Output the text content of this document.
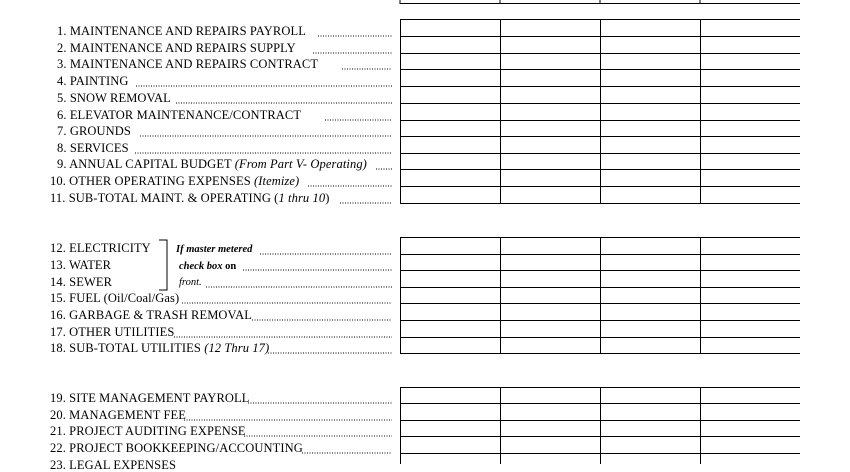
1. MAINTENANCE AND REPAIRS PAYROLL
2. MAINTENANCE AND REPAIRS SUPPLY
3. MAINTENANCE AND REPAIRS CONTRACT
4. PAINTING
5. SNOW REMOVAL
6. ELEVATOR MAINTENANCE/CONTRACT
7. GROUNDS
8. SERVICES
9. ANNUAL CAPITAL BUDGET (From Part V- Operating)
10. OTHER OPERATING EXPENSES (Itemize)
11. SUB-TOTAL MAINT. & OPERATING (1 thru 10)
12. ELECTRICITY
13. WATER
14. SEWER
15. FUEL (Oil/Coal/Gas)
16. GARBAGE & TRASH REMOVAL
17. OTHER UTILITIES
18. SUB-TOTAL UTILITIES (12 Thru 17)
If master metered
check box on
front.
19. SITE MANAGEMENT PAYROLL
20. MANAGEMENT FEE
21. PROJECT AUDITING EXPENSE
22. PROJECT BOOKKEEPING/ACCOUNTING
23. LEGAL EXPENSES
